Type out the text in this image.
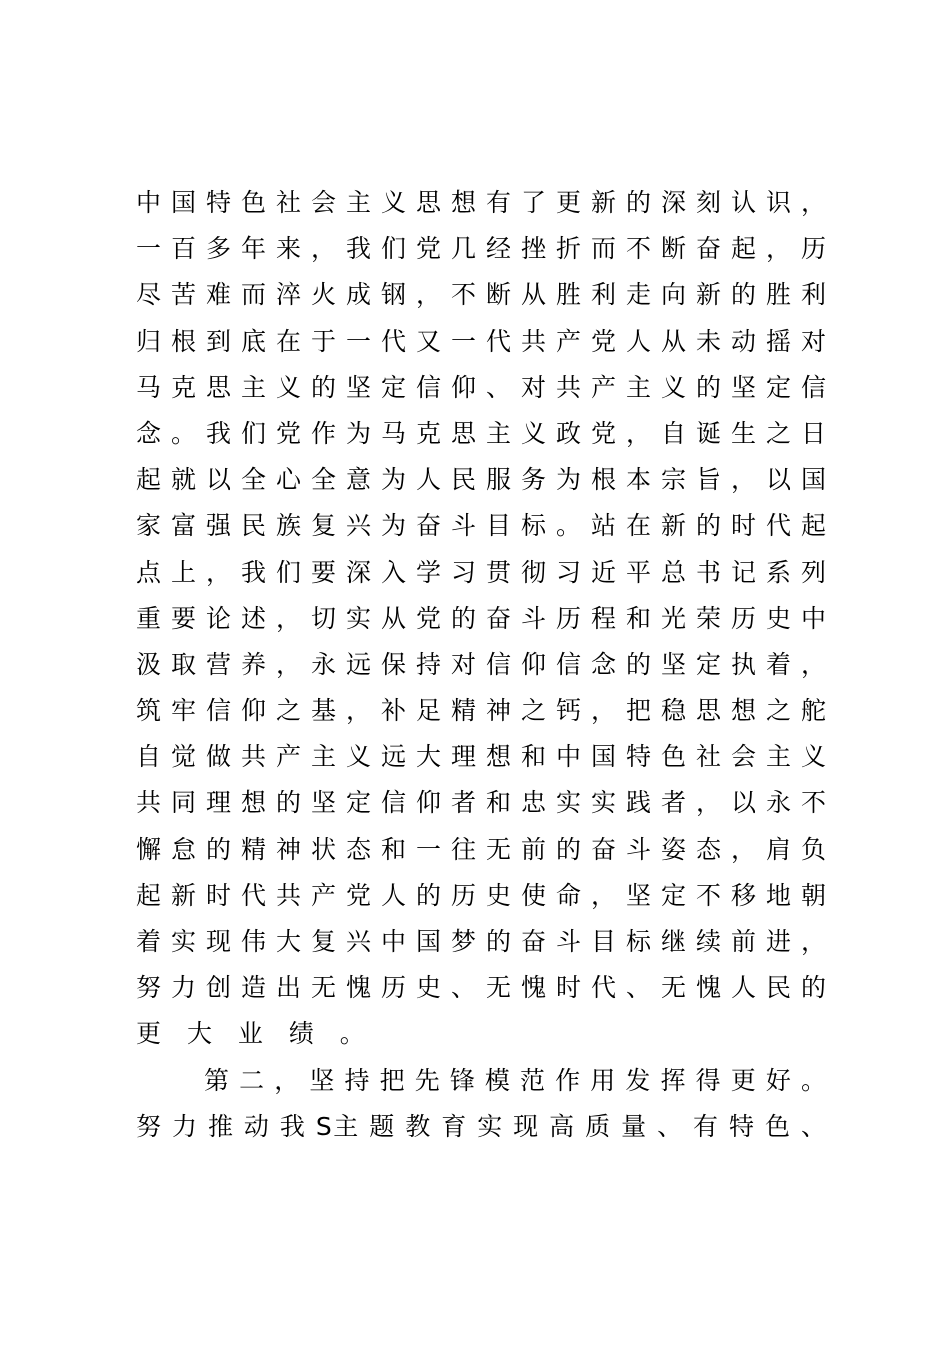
中 国 特 色 社 会 主 义 思 想 有 了 更 新 的 深 刻 认 识 ，
一 百 多 年 来 ， 我 们 党 几 经 挫 折 而 不 断 奋 起 ， 历
尽 苦 难 而 淬 火 成 钢 ， 不 断 从 胜 利 走 向 新 的 胜 利
归 根 到 底 在 于 一 代 又 一 代 共 产 党 人 从 未 动 摇 对
马 克 思 主 义 的 坚 定 信 仰 、 对 共 产 主 义 的 坚 定 信
念 。 我 们 党 作 为 马 克 思 主 义 政 党 ， 自 诞 生 之 日
起 就 以 全 心 全 意 为 人 民 服 务 为 根 本 宗 旨 ， 以 国
家 富 强 民 族 复 兴 为 奋 斗 目 标 。 站 在 新 的 时 代 起
点 上 ， 我 们 要 深 入 学 习 贯 彻 习 近 平 总 书 记 系 列
重 要 论 述 ， 切 实 从 党 的 奋 斗 历 程 和 光 荣 历 史 中
汲 取 营 养 ， 永 远 保 持 对 信 仰 信 念 的 坚 定 执 着 ，
筑 牢 信 仰 之 基 ， 补 足 精 神 之 钙 ， 把 稳 思 想 之 舵
自 觉 做 共 产 主 义 远 大 理 想 和 中 国 特 色 社 会 主 义
共 同 理 想 的 坚 定 信 仰 者 和 忠 实 实 践 者 ， 以 永 不
懈 怠 的 精 神 状 态 和 一 往 无 前 的 奋 斗 姿 态 ， 肩 负
起 新 时 代 共 产 党 人 的 历 史 使 命 ， 坚 定 不 移 地 朝
着 实 现 伟 大 复 兴 中 国 梦 的 奋 斗 目 标 继 续 前 进 ，
努 力 创 造 出 无 愧 历 史 、 无 愧 时 代 、 无 愧 人 民 的
更 大 业 绩 。
第 二 ， 坚 持 把 先 锋 模 范 作 用 发 挥 得 更 好 。
努 力 推 动 我 S主 题 教 育 实 现 高 质 量 、 有 特 色 、
